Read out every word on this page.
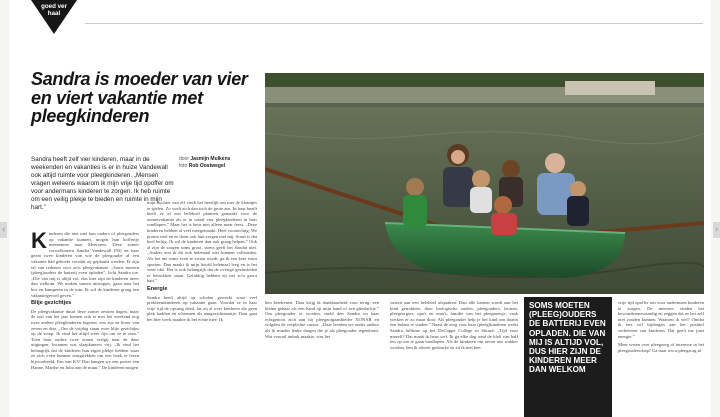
‹	›
goed ver haal
Sandra is moeder van vier en viert vakantie met pleegkinderen

Sandra heeft zelf vier kinderen, maar in de weekenden en vakanties is er in huize Vandewall ook altijd ruimte voor pleegkinderen. „Mensen vragen weleens waarom ik mijn vrije tijd opoffer om voor andermans kinderen te zorgen. Ik heb ruimte om een veilig plekje te bieden en ruimte in mijn hart.”

door Jasmijn Mulkens
foto Rob Oostwegel

Kinderen die niet met hun ouders of pleegouders op vakantie kunnen, mogen hun koffertje meenemen naar Meerssen. Deze zomer verwelkomen Sandra Vandewall (50) en haar gezin twee kinderen van wie de pleegouder al een vakantie had geboekt voordat zij geplaatst werden. Er zijn tal van redenen voor zo'n pleegvakantie. „Soms moeten (pleeg)ouders de batterij even opladen”, licht Sandra toe. „Die van mij is altijd vol, dus hier zijn de kinderen meer dan welkom. We maken samen uitstapjes, gaan naar het bos en kamperen in de tuin. Ik wil de kinderen graag een vakantiegevoel geven.”

Blije gezichtjes

De pleegvakantie duurt deze zomer zestien dagen, maar de rest van het jaar komen ook er met het weekend nog twee andere pleegkinderen logeren: een zus en broer van zeven en drie. „Om de vrijdag staan twee blije gezichtjes op de stoep. Ik vind het altijd weer fijn om ze te zien.” Toen haar oudste twee zonen verlgij naar de deur uitgingen, kwamen wat slaapkamers vrij. „Ik vind het belangrijk dat de kinderen hun eigen plekje hebben waar ze zich even kunnen terugtrekken om een boek te lezen bijvoorbeeld. Fan van K3? Dan hangen we een poster van Hanne, Marthe en Julia aan de muur.” De kinderen mogen

mijn dochter van elf vindt het heerlijk om met de kleintjes te spelen. Zo voelt zich dan toch de grote zus. In haar bezilt heeft ze al een heleboel plannen gemaakt voor de zomervakantie als er in totaal vier pleegkinderen in huis rondlopen.” Maar het is heus niet alleen maar feest. „Deze kinderen hebben al veel meegemaakt. Heel voorzichtig. We proten veel en ze doen ook hun zorgen met mij. Soms is dat heel heftig. Ik wil de kinderen dan ook graag helpen.” Ook al zijn de zorgen soms groot, stress geeft het Sandra niet. „Anders zou ik dit ook helemaal niet kunnen volhouden. Als het me soms even te zwaar wordt, ga ik een keer extra sporten. Dan maakt ik mijn hoofd helemaal leeg en is het weer oké. Het is ook belangrijk dat de overige gezinsleden er betrokken staan. Gelukkig hebben zij net zo'n groot hart.”

Energie

Sandra heeft altijd op scholen gewerkt waar veel probleemkinderen op vakantie gaan. Voordat ze in haar vrije tijd de opvang deed, las zij al over kinderen die geen plek hadden en schermen als aangezichtmaatje. Daar gaat het hier werk maakte ik het echte mee. Ik

hen betekenen. Daar krijg ik dankbaarheid voor terug: een kleine gebaar als een hand op mijn hand of een glimlachje.” Om pleegouder te worden, meld den Sandra en haar echtgenoot zich aan bij pleegzorgaanbieder XONAR en volgden de verplichte cursus. „Daar leerden we onder andere als ik minder leuke dingen die je als pleegouder tegenkomt. Wat voorail indruk maakte, was het

vastzit aan een heleboel afspraken. Dan alle kanten wordt aan het kind getrokken: door biologische ouders, pleegouders, leraren, pleegzorgers, opa's en oma's, familie van het pleegmeisje, vaak werken er zo maar door. Als pleegouder help je het kind om daarin een balans te vinden.” Naast de zorg voor haar (pleeg)kinderen werkt Sandra fulltime op het DeCuppe College in Sittard. „Tijd voor mezelf? Dat maak ik heus wel. Ik ga elke dag rond de klok van half ten op om te gaan hardlopen. Als de kinderen om zeven uur wakker worden, ben ik alweer gedoucht en zit ik met hen

SOMS MOETEN (PLEEG)OUDERS DE BATTERIJ EVEN OPLADEN. DIE VAN MIJ IS ALTIJD VOL, DUS HIER ZIJN DE KINDEREN MEER DAN WELKOM

vrije tijd opoffer om voor andermans kinderen te zorgen. De meesten vinden het bewonderenswaardig en zeggen dat ze het zelf niet zouden kunnen. Waarom ik wel? Omdat ik iets wil bijdragen aan het positief verbeteren van kinderen. Dat geeft me juist energie.”

Meer weten over pleegzorg of interesse in het pleegouderschap? Ga naar www.pleegzorg.nl
